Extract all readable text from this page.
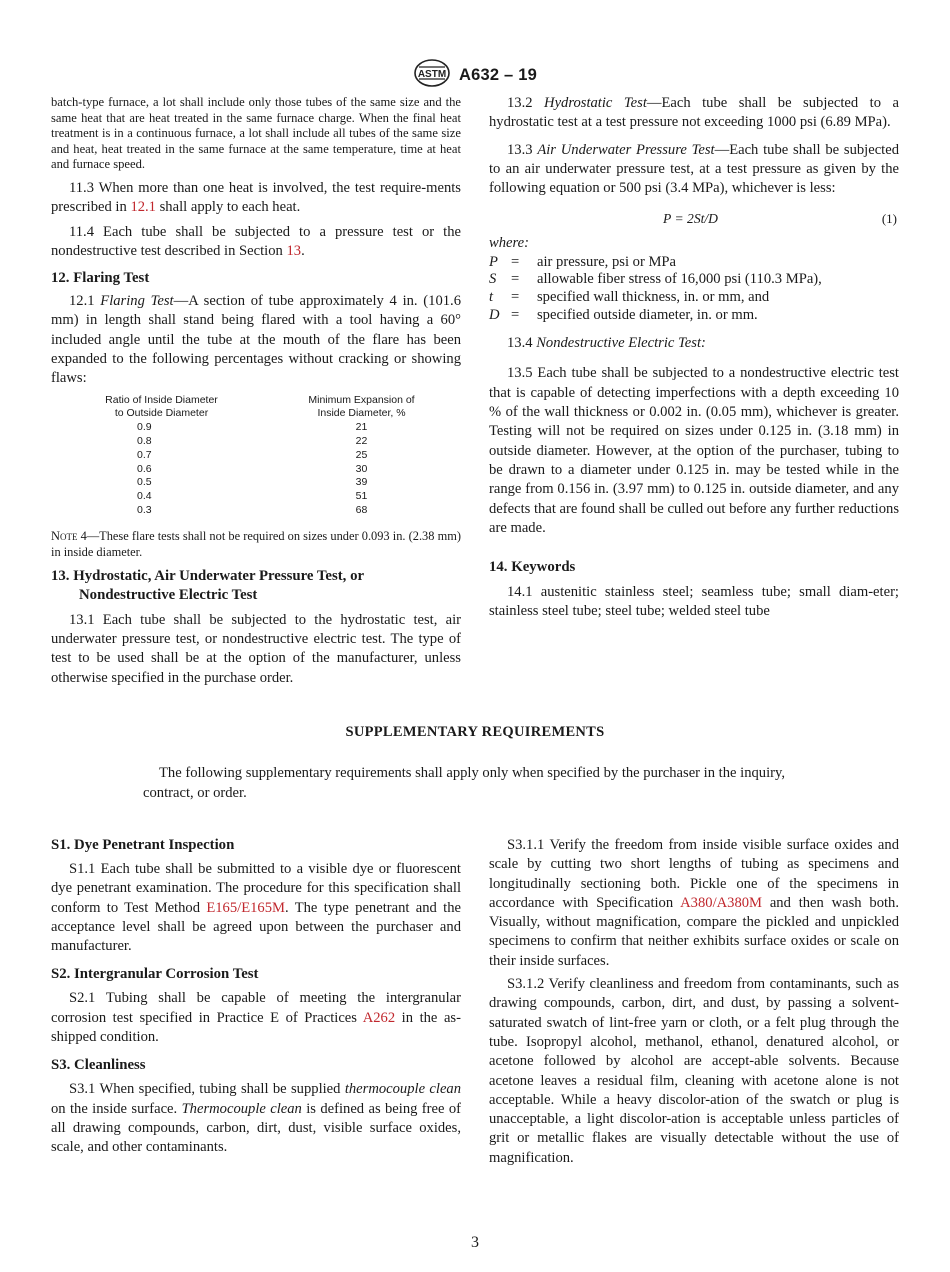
ASTM A632 – 19

batch-type furnace, a lot shall include only those tubes of the same size and the same heat that are heat treated in the same furnace charge. When the final heat treatment is in a continuous furnace, a lot shall include all tubes of the same size and heat, heat treated in the same furnace at the same temperature, time at heat and furnace speed.

11.3 When more than one heat is involved, the test require-ments prescribed in 12.1 shall apply to each heat.

11.4 Each tube shall be subjected to a pressure test or the nondestructive test described in Section 13.

12. Flaring Test

12.1 Flaring Test—A section of tube approximately 4 in. (101.6 mm) in length shall stand being flared with a tool having a 60° included angle until the tube at the mouth of the flare has been expanded to the following percentages without cracking or showing flaws:

Ratio of Inside Diameter
to Outside Diameter	Minimum Expansion of
Inside Diameter, %
0.9	21
0.8	22
0.7	25
0.6	30
0.5	39
0.4	51
0.3	68

Note 4—These flare tests shall not be required on sizes under 0.093 in. (2.38 mm) in inside diameter.

13. Hydrostatic, Air Underwater Pressure Test, or
Nondestructive Electric Test

13.1 Each tube shall be subjected to the hydrostatic test, air underwater pressure test, or nondestructive electric test. The type of test to be used shall be at the option of the manufacturer, unless otherwise specified in the purchase order.

13.2 Hydrostatic Test—Each tube shall be subjected to a hydrostatic test at a test pressure not exceeding 1000 psi (6.89 MPa).

13.3 Air Underwater Pressure Test—Each tube shall be subjected to an air underwater pressure test, at a test pressure as given by the following equation or 500 psi (3.4 MPa), whichever is less:

P = 2St/D	(1)

where:

P	=	air pressure, psi or MPa
S	=	allowable fiber stress of 16,000 psi (110.3 MPa),
t	=	specified wall thickness, in. or mm, and
D	=	specified outside diameter, in. or mm.

13.4 Nondestructive Electric Test:

13.5 Each tube shall be subjected to a nondestructive electric test that is capable of detecting imperfections with a depth exceeding 10 % of the wall thickness or 0.002 in. (0.05 mm), whichever is greater. Testing will not be required on sizes under 0.125 in. (3.18 mm) in outside diameter. However, at the option of the purchaser, tubing to be drawn to a diameter under 0.125 in. may be tested while in the range from 0.156 in. (3.97 mm) to 0.125 in. outside diameter, and any defects that are found shall be culled out before any further reductions are made.

14. Keywords

14.1 austenitic stainless steel; seamless tube; small diam-eter; stainless steel tube; steel tube; welded steel tube

SUPPLEMENTARY REQUIREMENTS
The following supplementary requirements shall apply only when specified by the purchaser in the inquiry, contract, or order.
S1. Dye Penetrant Inspection

S1.1 Each tube shall be submitted to a visible dye or fluorescent dye penetrant examination. The procedure for this specification shall conform to Test Method E165/E165M. The type penetrant and the acceptance level shall be agreed upon between the purchaser and manufacturer.

S2. Intergranular Corrosion Test

S2.1 Tubing shall be capable of meeting the intergranular corrosion test specified in Practice E of Practices A262 in the as-shipped condition.

S3. Cleanliness

S3.1 When specified, tubing shall be supplied thermocouple clean on the inside surface. Thermocouple clean is defined as being free of all drawing compounds, carbon, dirt, dust, visible surface oxides, scale, and other contaminants.

S3.1.1 Verify the freedom from inside visible surface oxides and scale by cutting two short lengths of tubing as specimens and longitudinally sectioning both. Pickle one of the specimens in accordance with Specification A380/A380M and then wash both. Visually, without magnification, compare the pickled and unpickled specimens to confirm that neither exhibits surface oxides or scale on their inside surfaces.

S3.1.2 Verify cleanliness and freedom from contaminants, such as drawing compounds, carbon, dirt, and dust, by passing a solvent-saturated swatch of lint-free yarn or cloth, or a felt plug through the tube. Isopropyl alcohol, methanol, ethanol, denatured alcohol, or acetone followed by alcohol are accept-able solvents. Because acetone leaves a residual film, cleaning with acetone alone is not acceptable. While a heavy discolor-ation of the swatch or plug is unacceptable, a light discolor-ation is acceptable unless particles of grit or metallic flakes are visually detectable without the use of magnification.

3
